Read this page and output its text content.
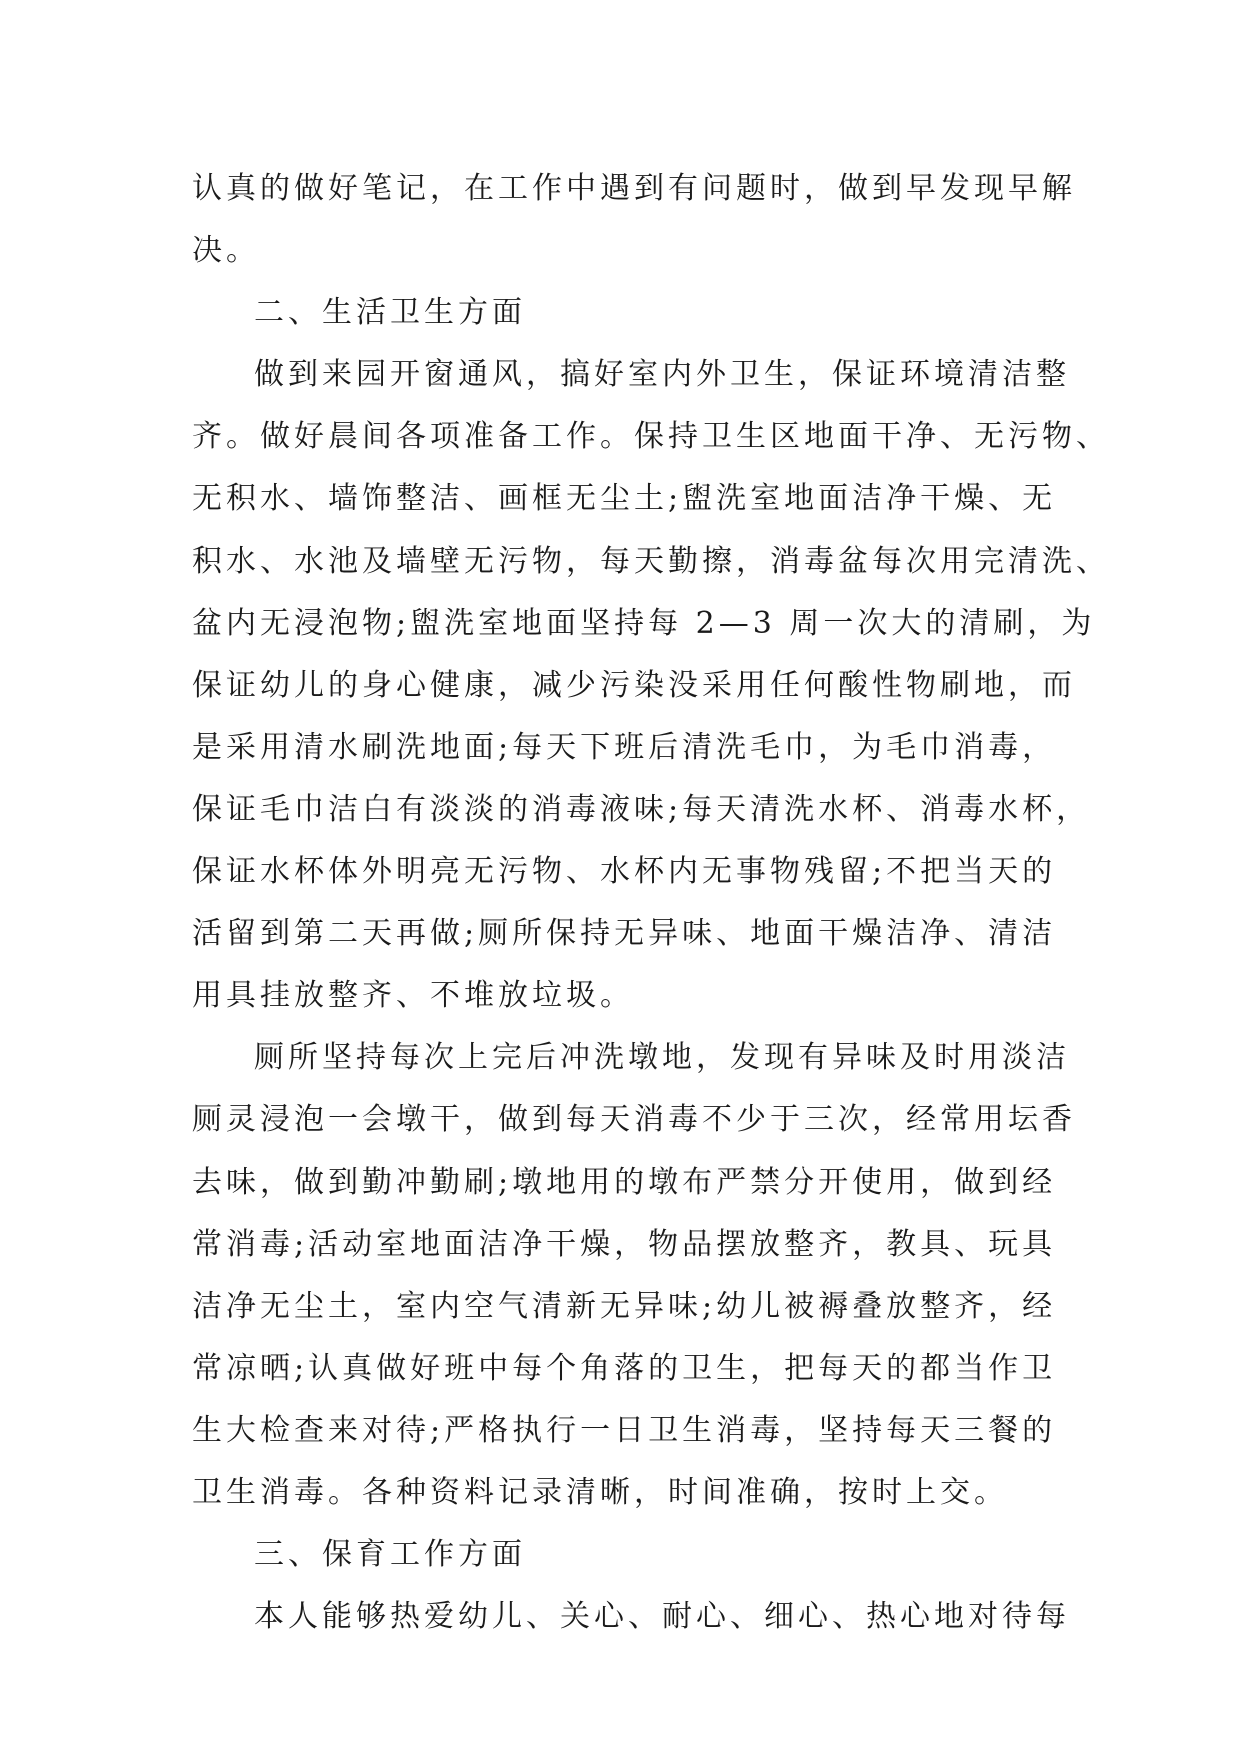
认真的做好笔记，在工作中遇到有问题时，做到早发现早解
决。
二、生活卫生方面
做到来园开窗通风，搞好室内外卫生，保证环境清洁整
齐。做好晨间各项准备工作。保持卫生区地面干净、无污物、
无积水、墙饰整洁、画框无尘土;盥洗室地面洁净干燥、无
积水、水池及墙壁无污物，每天勤擦，消毒盆每次用完清洗、
盆内无浸泡物;盥洗室地面坚持每 2—3 周一次大的清刷，为
保证幼儿的身心健康，减少污染没采用任何酸性物刷地，而
是采用清水刷洗地面;每天下班后清洗毛巾，为毛巾消毒，
保证毛巾洁白有淡淡的消毒液味;每天清洗水杯、消毒水杯，
保证水杯体外明亮无污物、水杯内无事物残留;不把当天的
活留到第二天再做;厕所保持无异味、地面干燥洁净、清洁
用具挂放整齐、不堆放垃圾。
厕所坚持每次上完后冲洗墩地，发现有异味及时用淡洁
厕灵浸泡一会墩干，做到每天消毒不少于三次，经常用坛香
去味，做到勤冲勤刷;墩地用的墩布严禁分开使用，做到经
常消毒;活动室地面洁净干燥，物品摆放整齐，教具、玩具
洁净无尘土，室内空气清新无异味;幼儿被褥叠放整齐，经
常凉晒;认真做好班中每个角落的卫生，把每天的都当作卫
生大检查来对待;严格执行一日卫生消毒，坚持每天三餐的
卫生消毒。各种资料记录清晰，时间准确，按时上交。
三、保育工作方面
本人能够热爱幼儿、关心、耐心、细心、热心地对待每
